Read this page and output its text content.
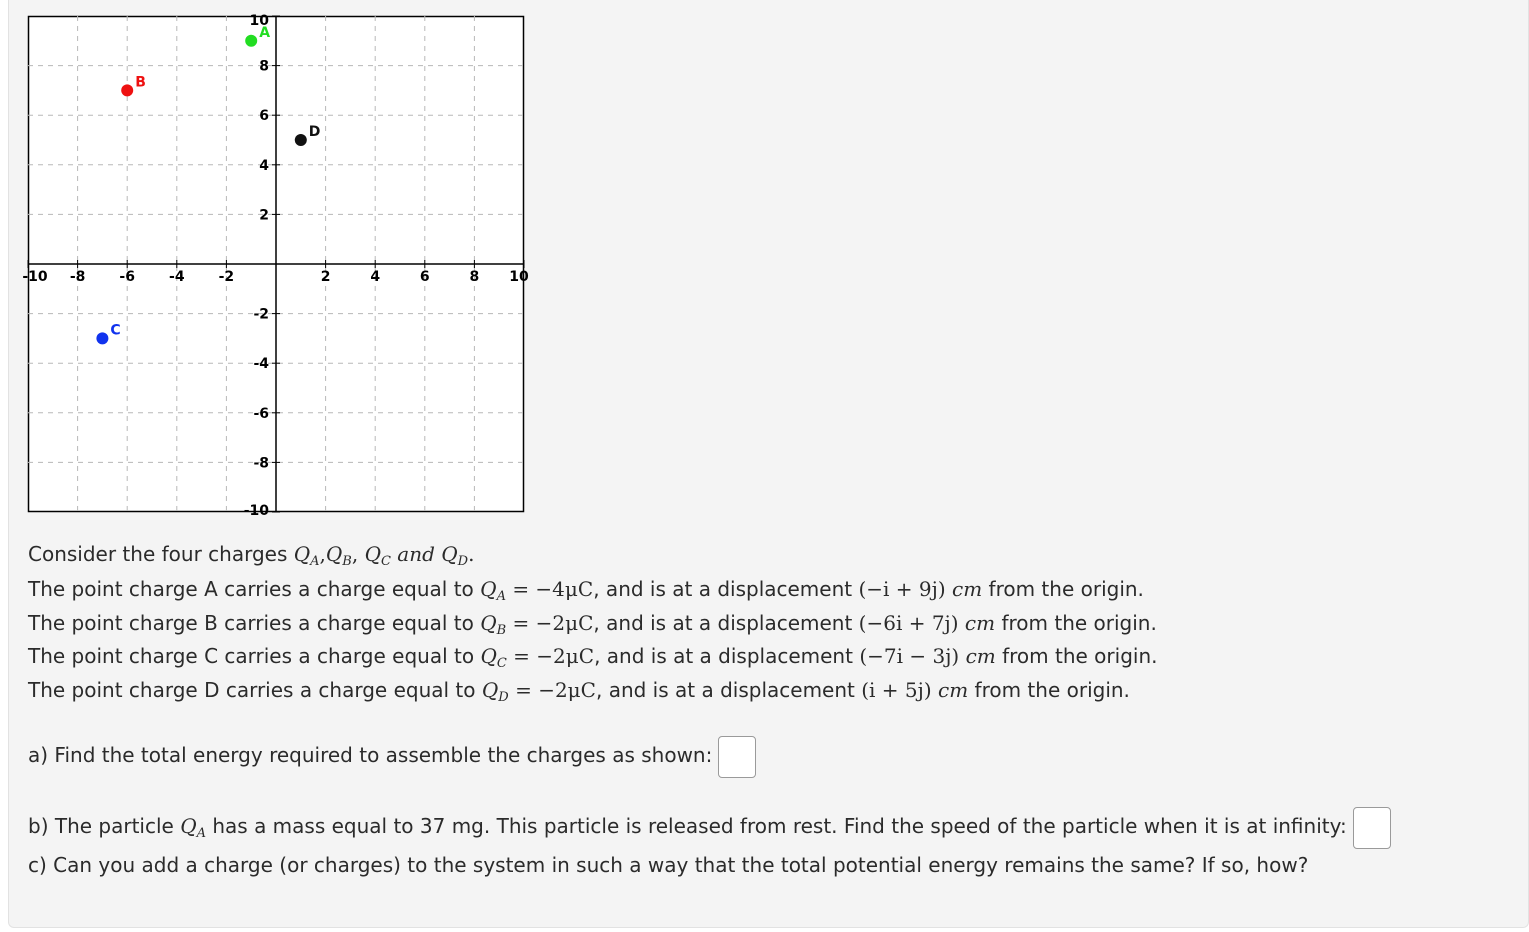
-10 -8 -6 -4 -2	2	4	6	8 10
10
8
6
4
2
-2
-4
-6
-8
-10
A
B
C
D
Consider the four charges $Q_A,Q_B$, $Q_C$ and $Q_D$.
The point charge A carries a charge equal to $Q_A = -4\mu C$, and is at a displacement (−i + 9j) cm from the origin.
The point charge B carries a charge equal to $Q_B = -2\mu C$, and is at a displacement (−6i + 7j) cm from the origin.
The point charge C carries a charge equal to $Q_C = -2\mu C$, and is at a displacement (−7i − 3j) cm from the origin.
The point charge D carries a charge equal to $Q_D = -2\mu C$, and is at a displacement (i + 5j) cm from the origin.
a) Find the total energy required to assemble the charges as shown:
b) The particle $Q_A$ has a mass equal to 37 mg. This particle is released from rest. Find the speed of the particle when it is at infinity:
c) Can you add a charge (or charges) to the system in such a way that the total potential energy remains the same? If so, how?
